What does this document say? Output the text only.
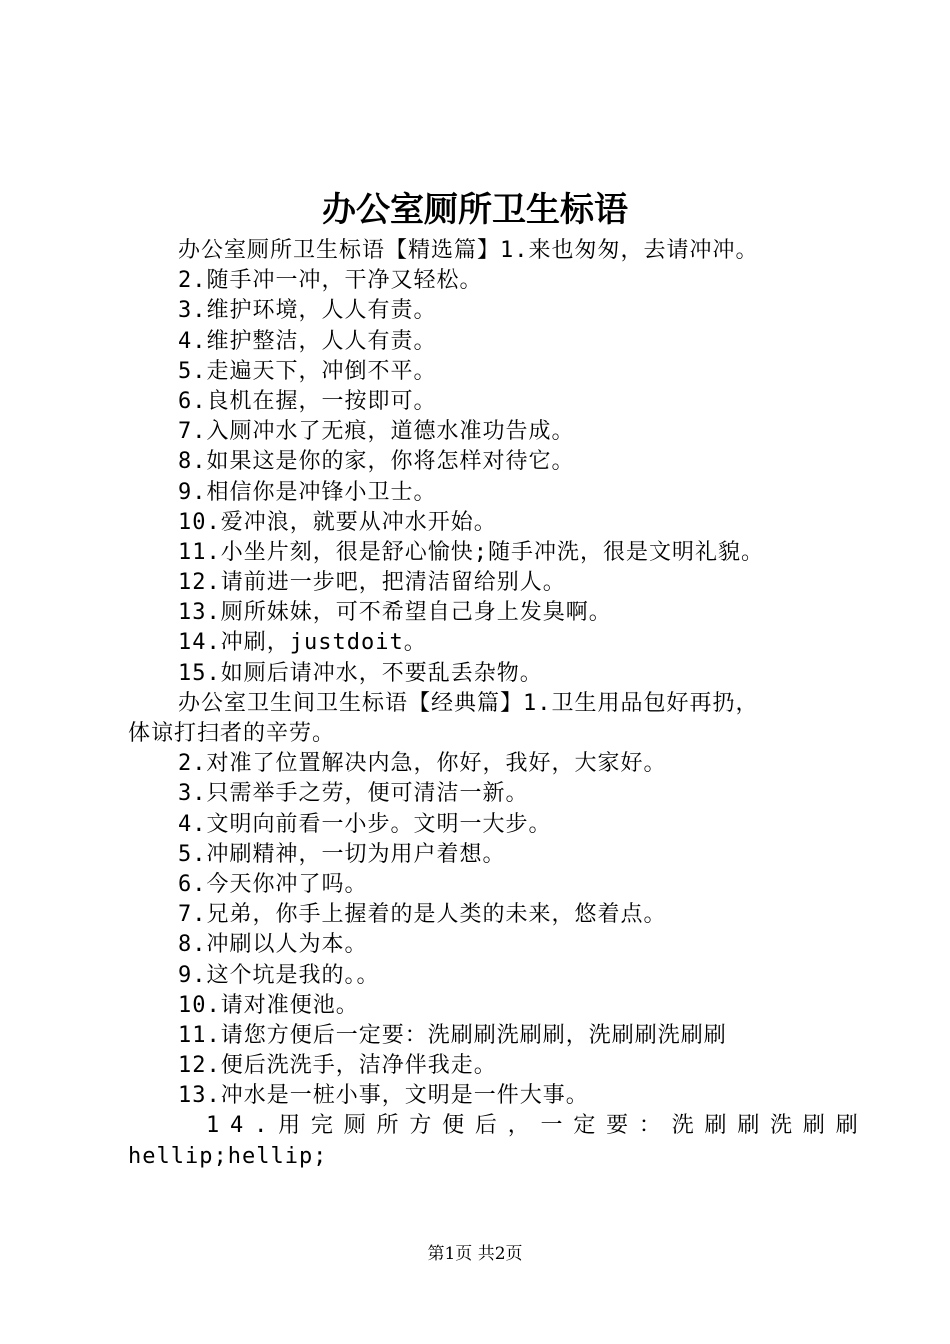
办公室厕所卫生标语
办公室厕所卫生标语【精选篇】1.来也匆匆，去请冲冲。
2.随手冲一冲，干净又轻松。
3.维护环境，人人有责。
4.维护整洁，人人有责。
5.走遍天下，冲倒不平。
6.良机在握，一按即可。
7.入厕冲水了无痕，道德水准功告成。
8.如果这是你的家，你将怎样对待它。
9.相信你是冲锋小卫士。
10.爱冲浪，就要从冲水开始。
11.小坐片刻，很是舒心愉快;随手冲洗，很是文明礼貌。
12.请前进一步吧，把清洁留给别人。
13.厕所妹妹，可不希望自己身上发臭啊。
14.冲刷，justdoit。
15.如厕后请冲水，不要乱丢杂物。
办公室卫生间卫生标语【经典篇】1.卫生用品包好再扔，
体谅打扫者的辛劳。
2.对准了位置解决内急，你好，我好，大家好。
3.只需举手之劳，便可清洁一新。
4.文明向前看一小步。文明一大步。
5.冲刷精神，一切为用户着想。
6.今天你冲了吗。
7.兄弟，你手上握着的是人类的未来，悠着点。
8.冲刷以人为本。
9.这个坑是我的。。
10.请对准便池。
11.请您方便后一定要：洗刷刷洗刷刷，洗刷刷洗刷刷
12.便后洗洗手，洁净伴我走。
13.冲水是一桩小事，文明是一件大事。
14.用完厕所方便后，一定要：洗刷刷洗刷刷
hellip;hellip;
第1页 共2页
